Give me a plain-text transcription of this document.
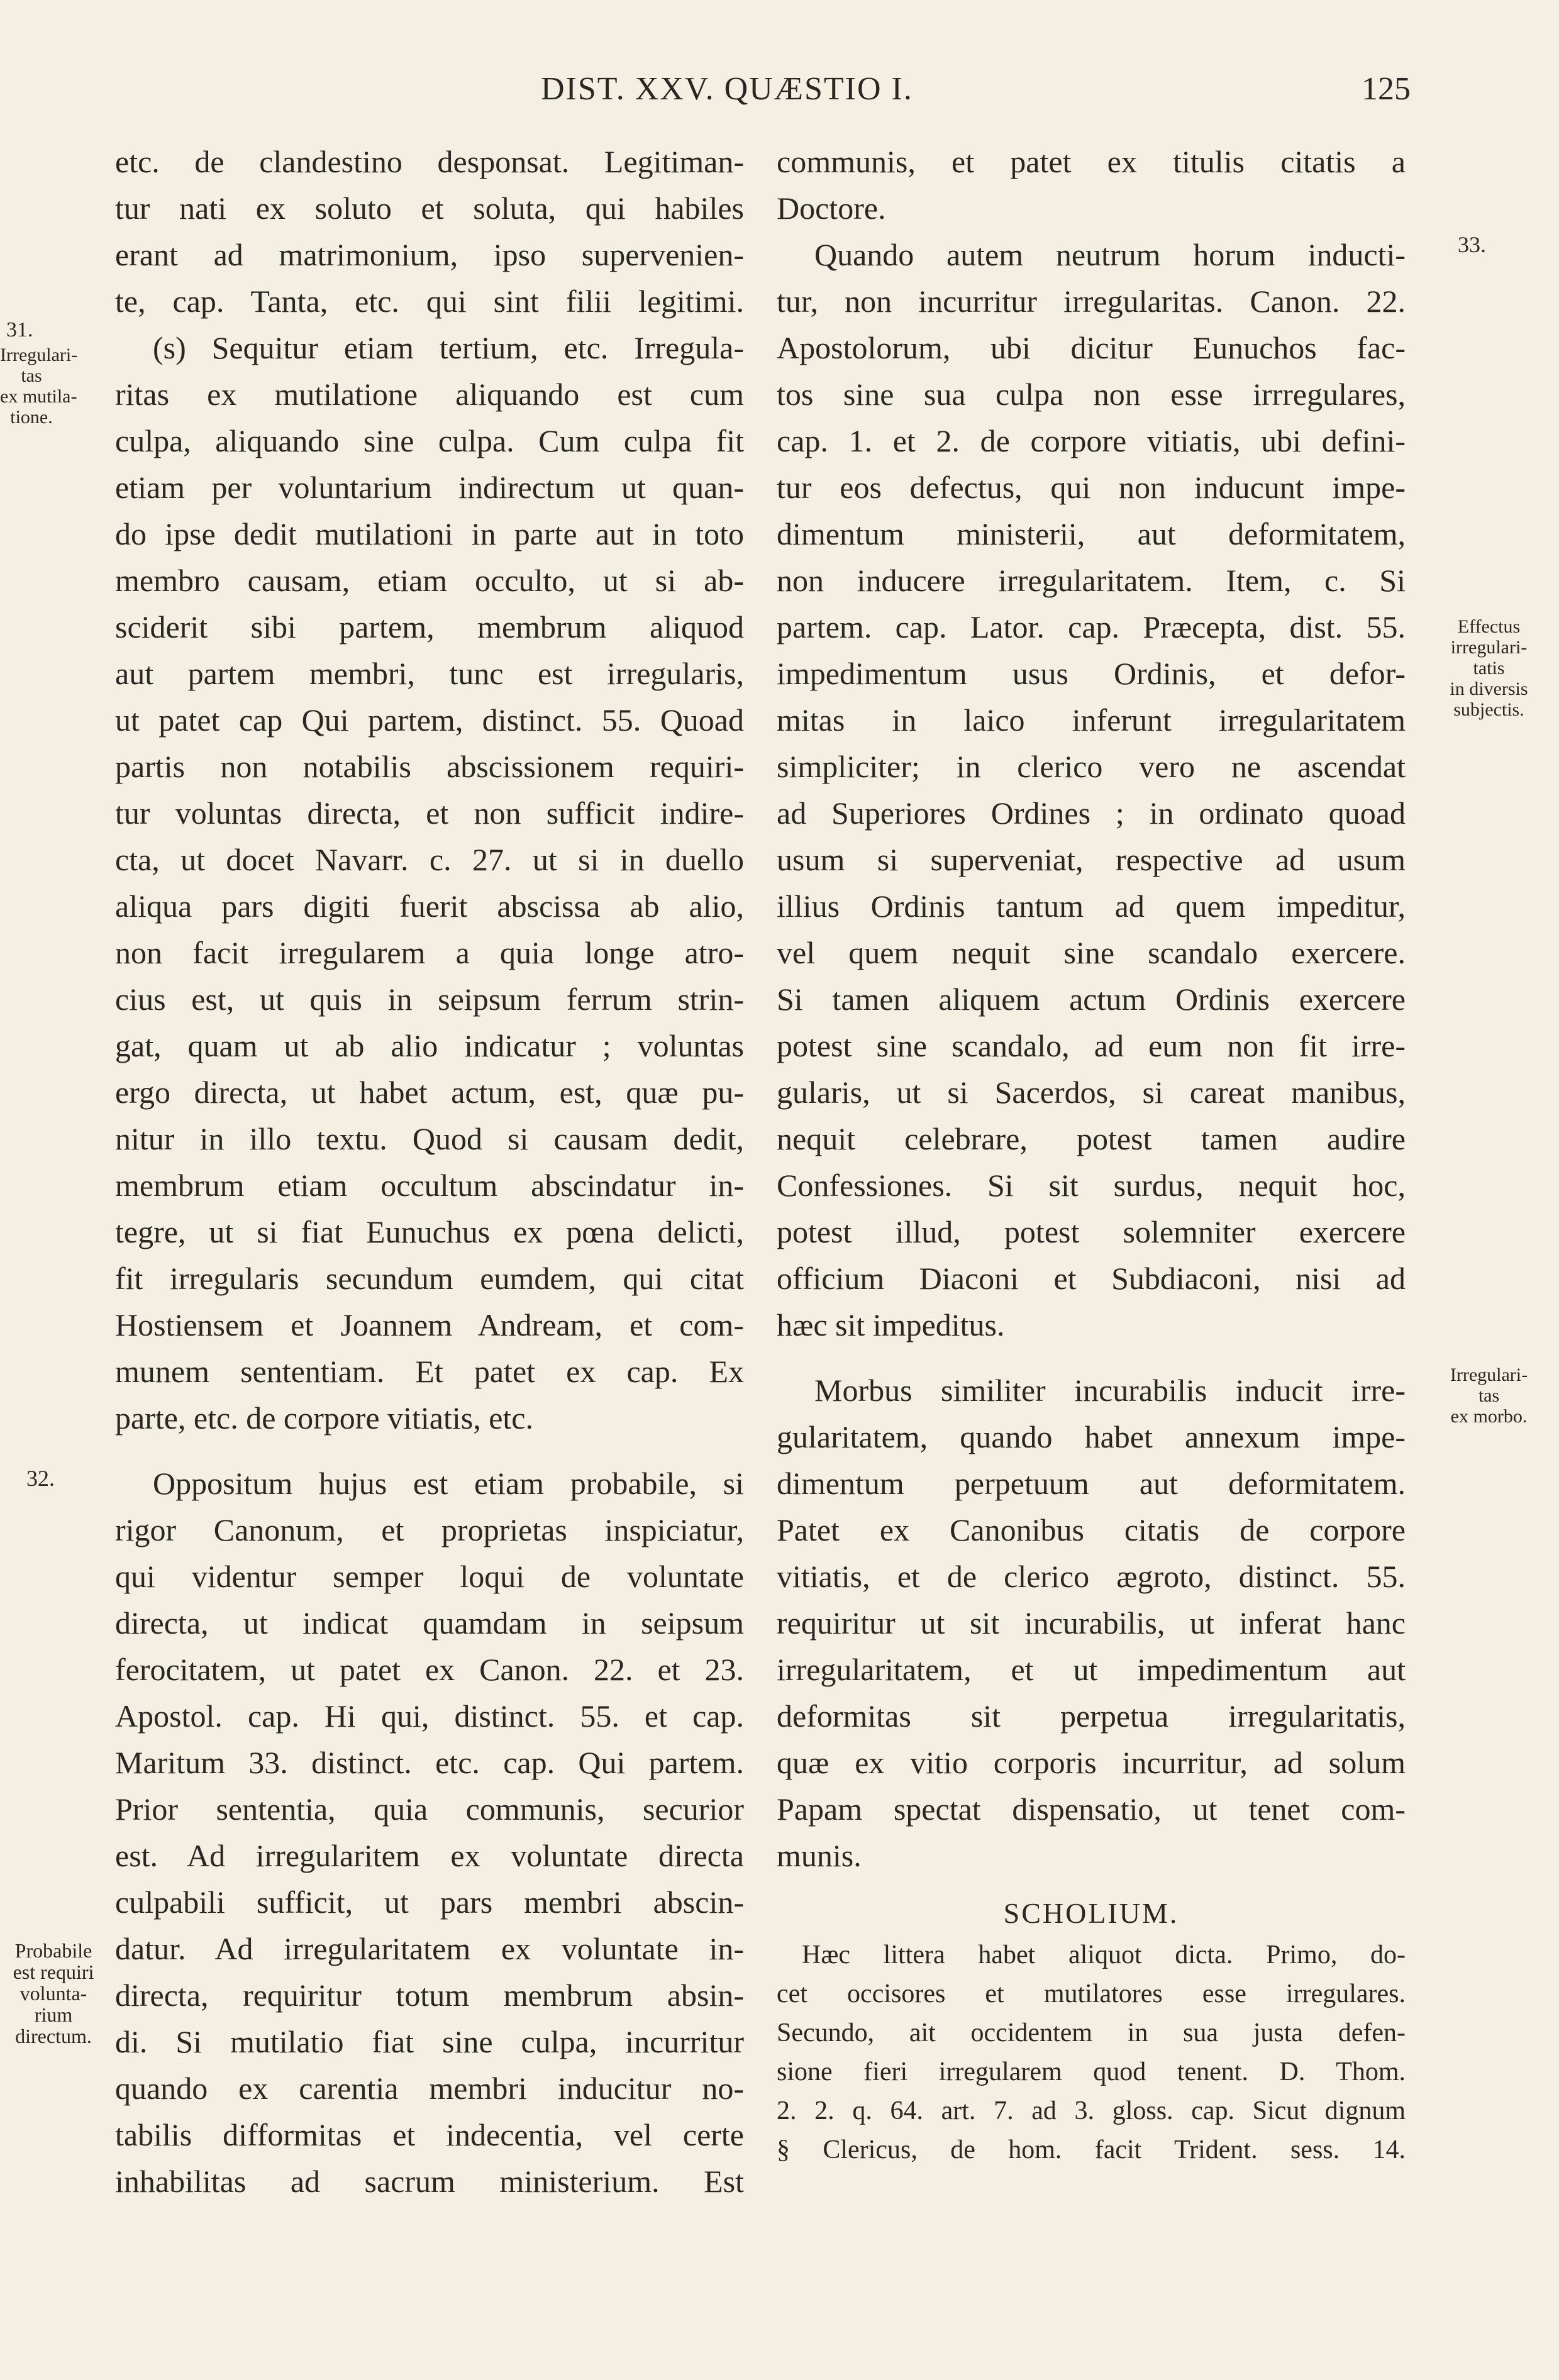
DIST. XXV. QUÆSTIO I.	125
etc. de clandestino desponsat. Legitiman-
tur nati ex soluto et soluta, qui habiles
erant ad matrimonium, ipso supervenien-
te, cap. Tanta, etc. qui sint filii legitimi.
(s) Sequitur etiam tertium, etc. Irregula-
ritas ex mutilatione aliquando est cum
culpa, aliquando sine culpa. Cum culpa fit
etiam per voluntarium indirectum ut quan-
do ipse dedit mutilationi in parte aut in toto
membro causam, etiam occulto, ut si ab-
sciderit sibi partem, membrum aliquod
aut partem membri, tunc est irregularis,
ut patet cap Qui partem, distinct. 55. Quoad
partis non notabilis abscissionem requiri-
tur voluntas directa, et non sufficit indire-
cta, ut docet Navarr. c. 27. ut si in duello
aliqua pars digiti fuerit abscissa ab alio,
non facit irregularem a quia longe atro-
cius est, ut quis in seipsum ferrum strin-
gat, quam ut ab alio indicatur ; voluntas
ergo directa, ut habet actum, est, quæ pu-
nitur in illo textu. Quod si causam dedit,
membrum etiam occultum abscindatur in-
tegre, ut si fiat Eunuchus ex pœna delicti,
fit irregularis secundum eumdem, qui citat
Hostiensem et Joannem Andream, et com-
munem sententiam. Et patet ex cap. Ex
parte, etc. de corpore vitiatis, etc.
Oppositum hujus est etiam probabile, si
rigor Canonum, et proprietas inspiciatur,
qui videntur semper loqui de voluntate
directa, ut indicat quamdam in seipsum
ferocitatem, ut patet ex Canon. 22. et 23.
Apostol. cap. Hi qui, distinct. 55. et cap.
Maritum 33. distinct. etc. cap. Qui partem.
Prior sententia, quia communis, securior
est. Ad irregularitem ex voluntate directa
culpabili sufficit, ut pars membri abscin-
datur. Ad irregularitatem ex voluntate in-
directa, requiritur totum membrum absin-
di. Si mutilatio fiat sine culpa, incurritur
quando ex carentia membri inducitur no-
tabilis difformitas et indecentia, vel certe
inhabilitas ad sacrum ministerium. Est
communis, et patet ex titulis citatis a
Doctore.
Quando autem neutrum horum inducti-
tur, non incurritur irregularitas. Canon. 22.
Apostolorum, ubi dicitur Eunuchos fac-
tos sine sua culpa non esse irrregulares,
cap. 1. et 2. de corpore vitiatis, ubi defini-
tur eos defectus, qui non inducunt impe-
dimentum ministerii, aut deformitatem,
non inducere irregularitatem. Item, c. Si
partem. cap. Lator. cap. Præcepta, dist. 55.
impedimentum usus Ordinis, et defor-
mitas in laico inferunt irregularitatem
simpliciter; in clerico vero ne ascendat
ad Superiores Ordines ; in ordinato quoad
usum si superveniat, respective ad usum
illius Ordinis tantum ad quem impeditur,
vel quem nequit sine scandalo exercere.
Si tamen aliquem actum Ordinis exercere
potest sine scandalo, ad eum non fit irre-
gularis, ut si Sacerdos, si careat manibus,
nequit celebrare, potest tamen audire
Confessiones. Si sit surdus, nequit hoc,
potest illud, potest solemniter exercere
officium Diaconi et Subdiaconi, nisi ad
hæc sit impeditus.
Morbus similiter incurabilis inducit irre-
gularitatem, quando habet annexum impe-
dimentum perpetuum aut deformitatem.
Patet ex Canonibus citatis de corpore
vitiatis, et de clerico ægroto, distinct. 55.
requiritur ut sit incurabilis, ut inferat hanc
irregularitatem, et ut impedimentum aut
deformitas sit perpetua irregularitatis,
quæ ex vitio corporis incurritur, ad solum
Papam spectat dispensatio, ut tenet com-
munis.
SCHOLIUM.
Hæc littera habet aliquot dicta. Primo, do-
cet occisores et mutilatores esse irregulares.
Secundo, ait occidentem in sua justa defen-
sione fieri irregularem quod tenent. D. Thom.
2. 2. q. 64. art. 7. ad 3. gloss. cap. Sicut dignum
§ Clericus, de hom. facit Trident. sess. 14.
31.
Irregulari-
tas
ex mutila-
tione.
32.
Probabile
est requiri
volunta-
rium
directum.
33.
Effectus
irregulari-
tatis
in diversis
subjectis.
Irregulari-
tas
ex morbo.
